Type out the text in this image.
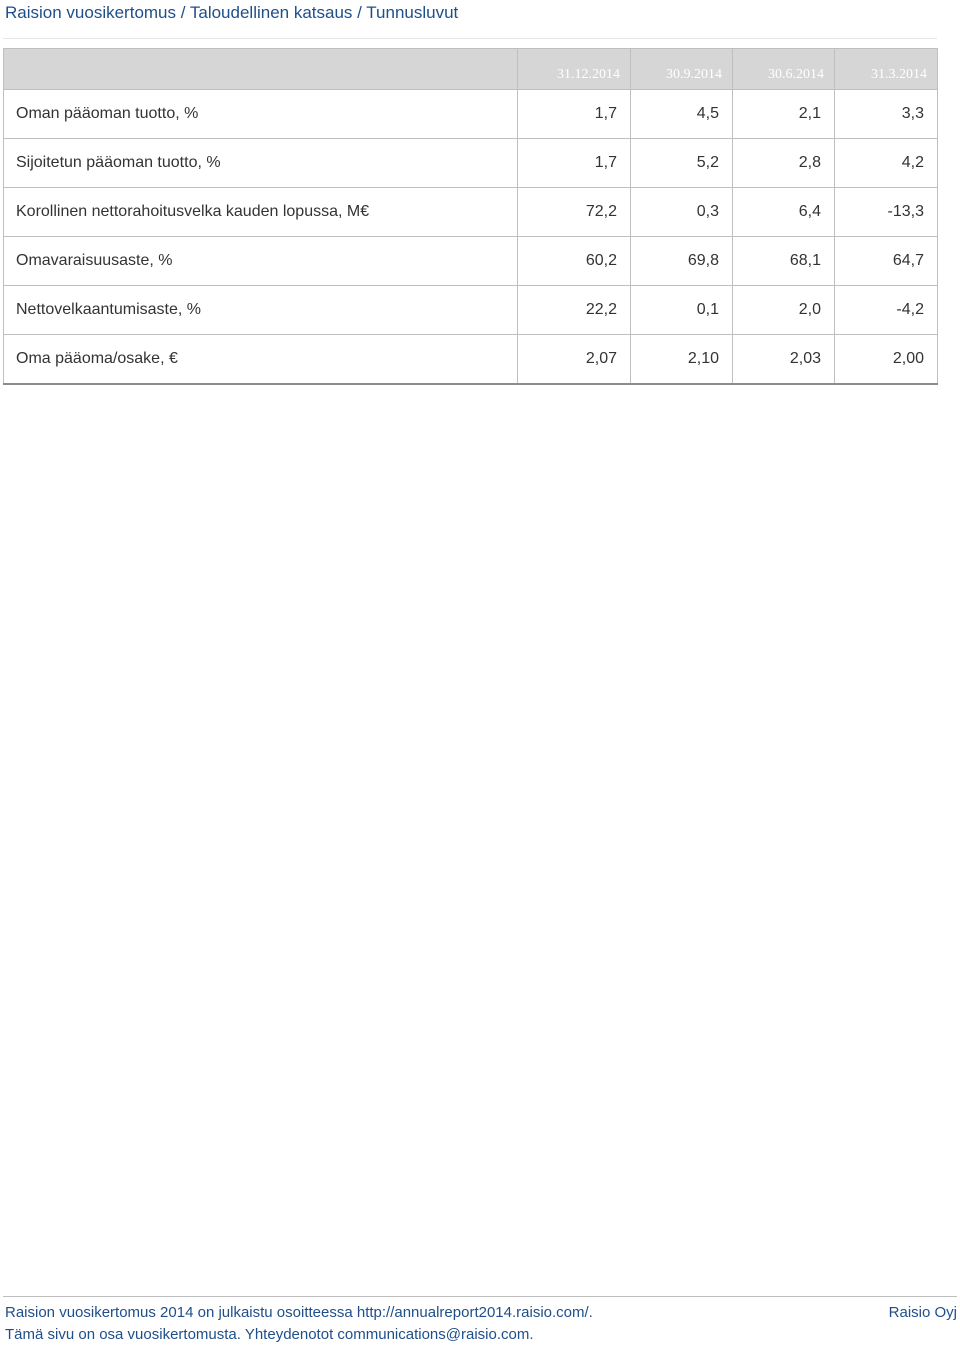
Raision vuosikertomus / Taloudellinen katsaus / Tunnusluvut
	31.12.2014	30.9.2014	30.6.2014	31.3.2014
Oman pääoman tuotto, %	1,7	4,5	2,1	3,3
Sijoitetun pääoman tuotto, %	1,7	5,2	2,8	4,2
Korollinen nettorahoitusvelka kauden lopussa, M€	72,2	0,3	6,4	-13,3
Omavaraisuusaste, %	60,2	69,8	68,1	64,7
Nettovelkaantumisaste, %	22,2	0,1	2,0	-4,2
Oma pääoma/osake, €	2,07	2,10	2,03	2,00
Raision vuosikertomus 2014 on julkaistu osoitteessa http://annualreport2014.raisio.com/.
Tämä sivu on osa vuosikertomusta. Yhteydenotot communications@raisio.com.
Raisio Oyj
